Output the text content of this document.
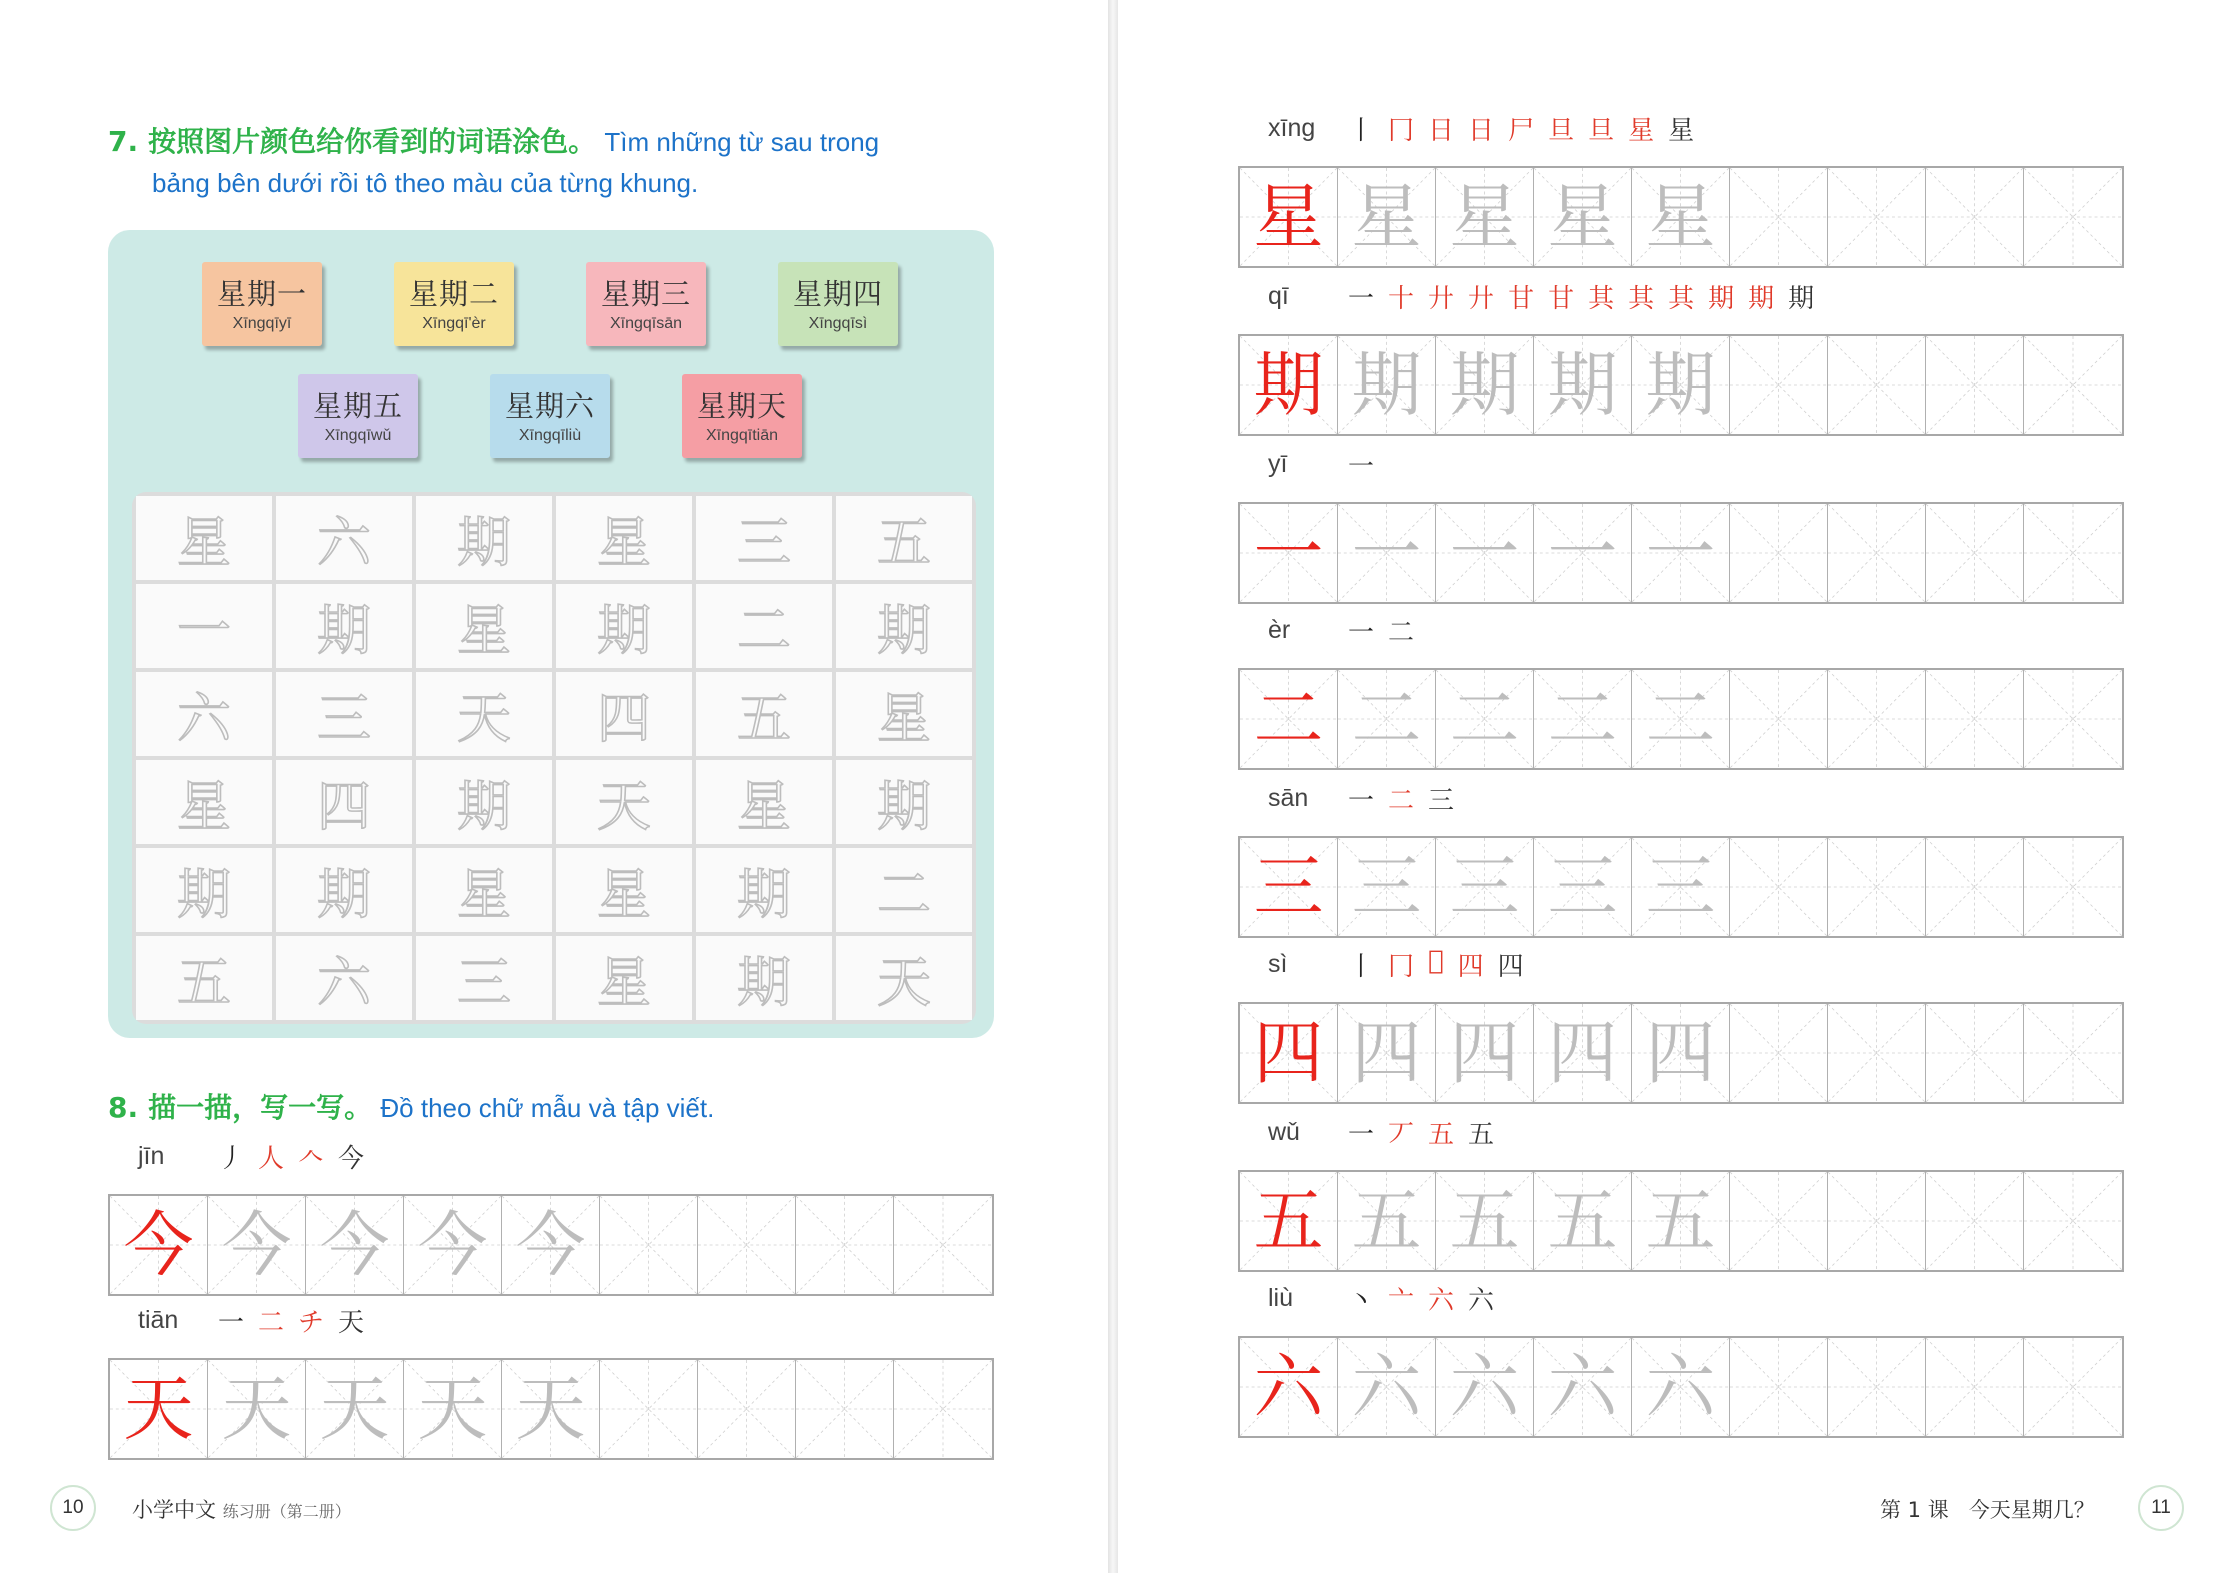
7. 按照图片颜色给你看到的词语涂色。 Tìm những từ sau trong
bảng bên dưới rồi tô theo màu của từng khung.
星期一
Xīngqīyī
星期二
Xīngqī'èr
星期三
Xīngqīsān
星期四
Xīngqīsì
星期五
Xīngqīwǔ
星期六
Xīngqīliù
星期天
Xīngqītiān
星	六	期	星	三	五
一	期	星	期	二	期
六	三	天	四	五	星
星	四	期	天	星	期
期	期	星	星	期	二
五	六	三	星	期	天
8. 描一描，写一写。 Đồ theo chữ mẫu và tập viết.
jīn 丿 人 𠆢 今
今 今 今 今 今
tiān 一 二 チ 天
天 天 天 天 天
10	小学中文 练习册（第二册）
xīng 丨 冂 日 日 尸 旦 旦 星 星
星 星 星 星 星
qī 一 十 廾 廾 甘 甘 其 其 其 期 期 期
期 期 期 期 期
yī 一
一 一 一 一 一
èr 一 二
二 二 二 二 二
sān 一 二 三
三 三 三 三 三
sì 丨 冂 𫝀 四 四
四 四 四 四 四
wǔ 一 丆 五 五
五 五 五 五 五
liù 丶 亠 六 六
六 六 六 六 六
第 1 课 今天星期几？	11
